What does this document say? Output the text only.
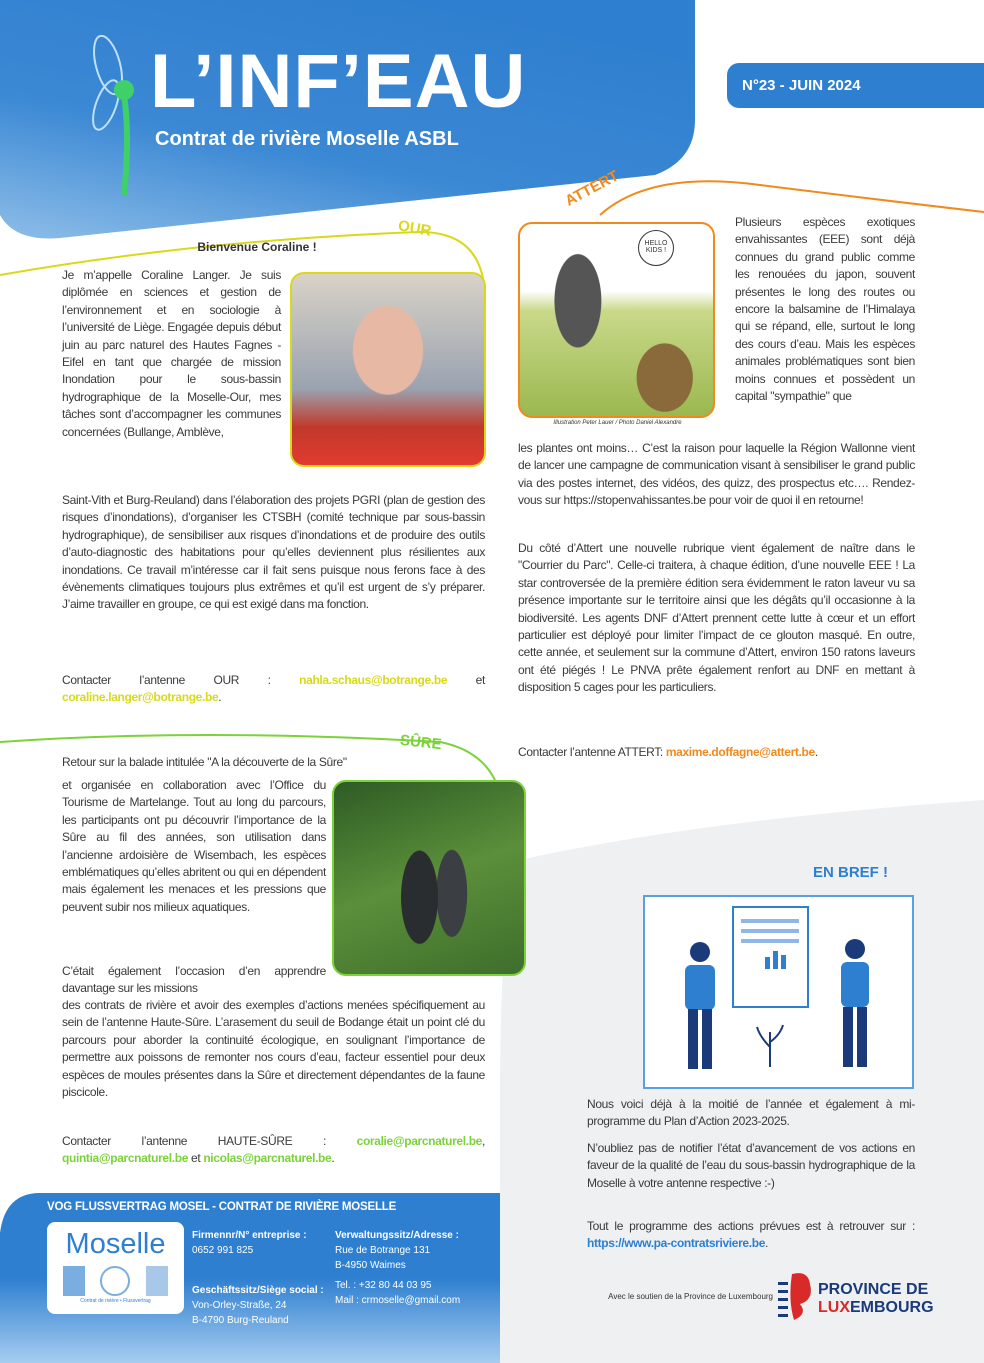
L’INF’EAU
Contrat de rivière Moselle ASBL
N°23 - JUIN 2024
OUR
SÛRE
ATTERT
Bienvenue Coraline !
Je m’appelle Coraline Langer. Je suis diplômée en sciences et gestion de l’environnement et en sociologie à l’université de Liège. Engagée depuis début juin au parc naturel des Hautes Fagnes - Eifel en tant que chargée de mission Inondation pour le sous-bassin hydrographique de la Moselle-Our, mes tâches sont d’accompagner les communes concernées (Bullange, Amblève,
Saint-Vith et Burg-Reuland) dans l’élaboration des projets PGRI (plan de gestion des risques d’inondations), d’organiser les CTSBH (comité technique par sous-bassin hydrographique), de sensibiliser aux risques d’inondations et de produire des outils d’auto-diagnostic des habitations pour qu’elles deviennent plus résilientes aux inondations. Ce travail m’intéresse car il fait sens puisque nous ferons face à des évènements climatiques toujours plus extrêmes et qu’il est urgent de s’y préparer. J’aime travailler en groupe, ce qui est exigé dans ma fonction.
Contacter l’antenne OUR : nahla.schaus@botrange.be et coraline.langer@botrange.be.
Retour sur la balade intitulée "A la découverte de la Sûre"
et organisée en collaboration avec l’Office du Tourisme de Martelange. Tout au long du parcours, les participants ont pu découvrir l’importance de la Sûre au fil des années, son utilisation dans l’ancienne ardoisière de Wisembach, les espèces emblématiques qu’elles abritent ou qui en dépendent mais également les menaces et les pressions que peuvent subir nos milieux aquatiques.
C’était également l’occasion d’en apprendre davantage sur les missions
des contrats de rivière et avoir des exemples d’actions menées spécifiquement au sein de l’antenne Haute-Sûre. L’arasement du seuil de Bodange était un point clé du parcours pour aborder la continuité écologique, en soulignant l’importance de permettre aux poissons de remonter nos cours d’eau, facteur essentiel pour deux espèces de moules présentes dans la Sûre et directement dépendantes de la faune piscicole.
Contacter l’antenne HAUTE-SÛRE : coralie@parcnaturel.be, quintia@parcnaturel.be et nicolas@parcnaturel.be.
HELLO KIDS !
Illustration Peter Lauer / Photo Daniel Alexandre
Plusieurs espèces exotiques envahissantes (EEE) sont déjà connues du grand public comme les renouées du japon, souvent présentes le long des routes ou encore la balsamine de l’Himalaya qui se répand, elle, surtout le long des cours d’eau. Mais les espèces animales problématiques sont bien moins connues et possèdent un capital "sympathie" que
les plantes ont moins… C’est la raison pour laquelle la Région Wallonne vient de lancer une campagne de communication visant à sensibiliser le grand public via des postes internet, des vidéos, des quizz, des prospectus etc…. Rendez-vous sur https://stopenvahissantes.be pour voir de quoi il en retourne!
Du côté d’Attert une nouvelle rubrique vient également de naître dans le "Courrier du Parc". Celle-ci traitera, à chaque édition, d’une nouvelle EEE ! La star controversée de la première édition sera évidemment le raton laveur vu sa présence importante sur le territoire ainsi que les dégâts qu’il occasionne à la biodiversité. Les agents DNF d’Attert prennent cette lutte à cœur et un effort particulier est déployé pour limiter l’impact de ce glouton masqué. En outre, cette année, et seulement sur la commune d’Attert, environ 150 ratons laveurs ont été piégés ! Le PNVA prête également renfort au DNF en mettant à disposition 5 cages pour les particuliers.
Contacter l’antenne ATTERT: maxime.doffagne@attert.be.
EN BREF !
Nous voici déjà à la moitié de l’année et également à mi-programme du Plan d’Action 2023-2025.
N’oubliez pas de notifier l’état d’avancement de vos actions en faveur de la qualité de l’eau du sous-bassin hydrographique de la Moselle à votre antenne respective :-)
Tout le programme des actions prévues est à retrouver sur : https://www.pa-contratsriviere.be.
Avec le soutien de la Province de Luxembourg	PROVINCE DE
LUXEMBOURG
VOG FLUSSVERTRAG MOSEL - CONTRAT DE RIVIÈRE MOSELLE
Moselle
Contrat de rivière • Flussvertrag
Firmennr/N° entreprise :
0652 991 825
Geschäftssitz/Siège social :
Von-Orley-Straße, 24
B-4790 Burg-Reuland
Verwaltungssitz/Adresse :
Rue de Botrange 131
B-4950 Waimes
Tel. : +32 80 44 03 95
Mail : crmoselle@gmail.com
